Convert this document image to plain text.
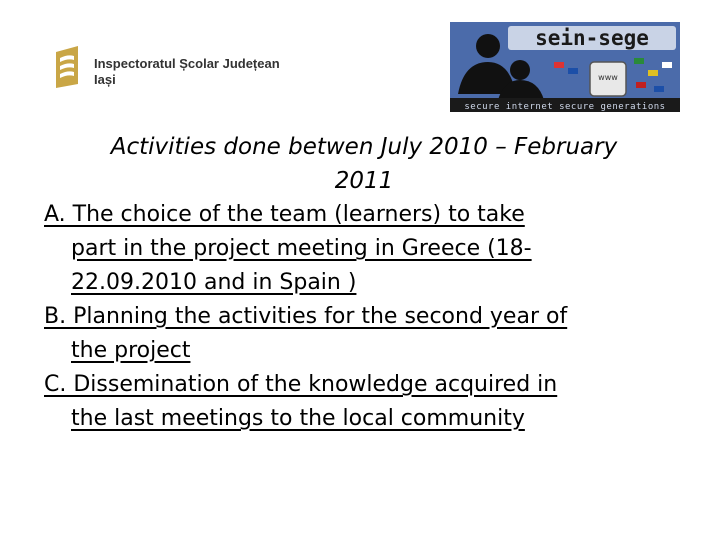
Inspectoratul Școlar Județean
Iași
sein-sege
www
secure internet secure generations

Activities done betwen July 2010 – February
2011

A. The choice of the team (learners) to take
part in the project meeting in Greece (18-
22.09.2010 and in Spain )

B. Planning the activities for the second year of
the project

C. Dissemination of the knowledge acquired in
the last meetings to the local community
